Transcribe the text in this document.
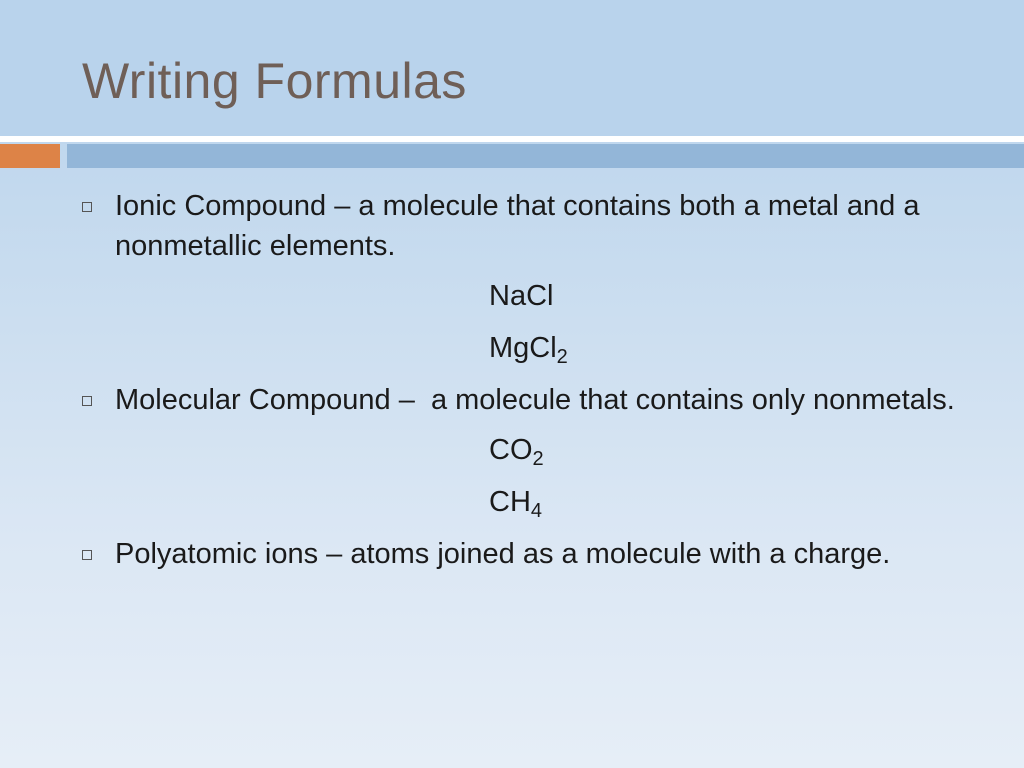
Writing Formulas
Ionic Compound – a molecule that contains both a metal and a nonmetallic elements.
NaCl
MgCl$_2$
Molecular Compound –  a molecule that contains only nonmetals.
$CO_2$
$CH_4$
Polyatomic ions – atoms joined as a molecule with a charge.
